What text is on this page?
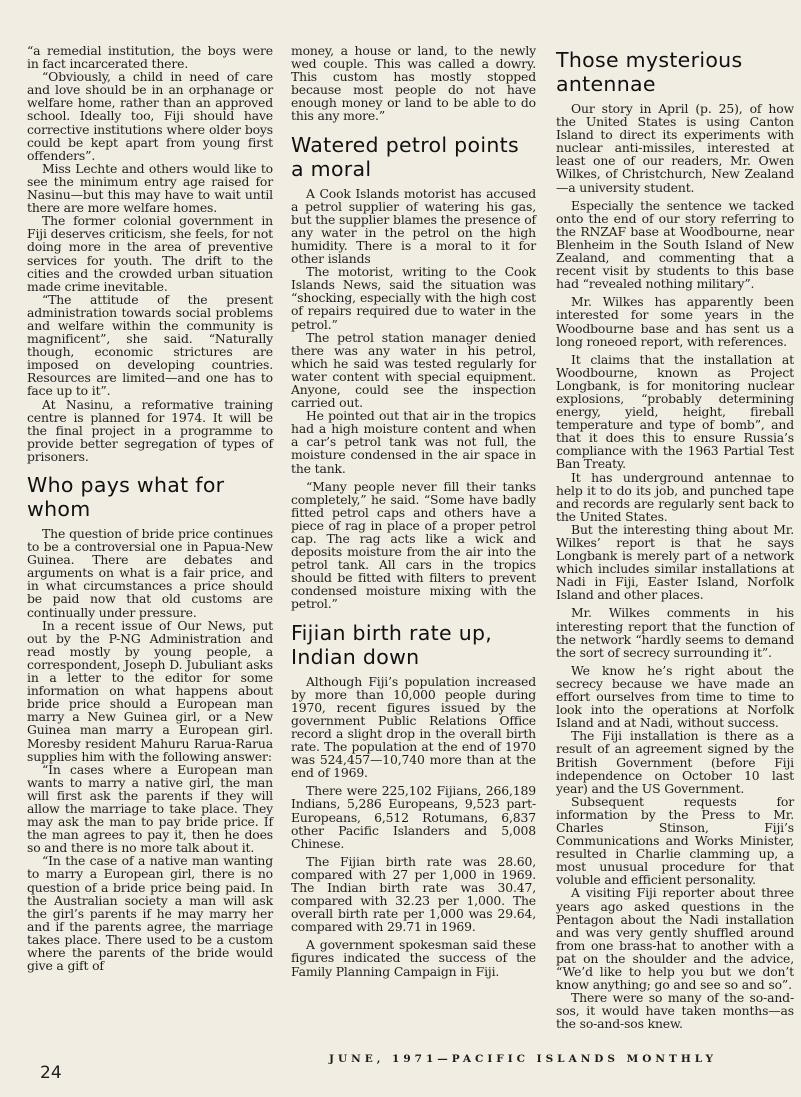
“a remedial institution, the boys were in fact incarcerated there.

“Obviously, a child in need of care and love should be in an orphanage or welfare home, rather than an approved school. Ideally too, Fiji should have corrective institutions where older boys could be kept apart from young first offenders”.

Miss Lechte and others would like to see the minimum entry age raised for Nasinu—but this may have to wait until there are more welfare homes.

The former colonial government in Fiji deserves criticism, she feels, for not doing more in the area of preventive services for youth. The drift to the cities and the crowded urban situation made crime inevitable.

“The attitude of the present administration towards social problems and welfare within the community is magnificent”, she said. “Naturally though, economic strictures are imposed on developing countries. Resources are limited—and one has to face up to it”.

At Nasinu, a reformative training centre is planned for 1974. It will be the final project in a programme to provide better segregation of types of prisoners.

Who pays what for whom

The question of bride price continues to be a controversial one in Papua-New Guinea. There are debates and arguments on what is a fair price, and in what circumstances a price should be paid now that old customs are continually under pressure.

In a recent issue of Our News, put out by the P-NG Administration and read mostly by young people, a correspondent, Joseph D. Jubuliant asks in a letter to the editor for some information on what happens about bride price should a European man marry a New Guinea girl, or a New Guinea man marry a European girl. Moresby resident Mahuru Rarua-Rarua supplies him with the following answer:

“In cases where a European man wants to marry a native girl, the man will first ask the parents if they will allow the marriage to take place. They may ask the man to pay bride price. If the man agrees to pay it, then he does so and there is no more talk about it.

“In the case of a native man wanting to marry a European girl, there is no question of a bride price being paid. In the Australian society a man will ask the girl’s parents if he may marry her and if the parents agree, the marriage takes place. There used to be a custom where the parents of the bride would give a gift of

money, a house or land, to the newly wed couple. This was called a dowry. This custom has mostly stopped because most people do not have enough money or land to be able to do this any more.”

Watered petrol points a moral

A Cook Islands motorist has accused a petrol supplier of watering his gas, but the supplier blames the presence of any water in the petrol on the high humidity. There is a moral to it for other islands

The motorist, writing to the Cook Islands News, said the situation was “shocking, especially with the high cost of repairs required due to water in the petrol.”

The petrol station manager denied there was any water in his petrol, which he said was tested regularly for water content with special equipment. Anyone, could see the inspection carried out.

He pointed out that air in the tropics had a high moisture content and when a car’s petrol tank was not full, the moisture condensed in the air space in the tank.

“Many people never fill their tanks completely,” he said. “Some have badly fitted petrol caps and others have a piece of rag in place of a proper petrol cap. The rag acts like a wick and deposits moisture from the air into the petrol tank. All cars in the tropics should be fitted with filters to prevent condensed moisture mixing with the petrol.”

Fijian birth rate up, Indian down

Although Fiji’s population increased by more than 10,000 people during 1970, recent figures issued by the government Public Relations Office record a slight drop in the overall birth rate. The population at the end of 1970 was 524,457—10,740 more than at the end of 1969.

There were 225,102 Fijians, 266,189 Indians, 5,286 Europeans, 9,523 part-Europeans, 6,512 Rotumans, 6,837 other Pacific Islanders and 5,008 Chinese.

The Fijian birth rate was 28.60, compared with 27 per 1,000 in 1969. The Indian birth rate was 30.47, compared with 32.23 per 1,000. The overall birth rate per 1,000 was 29.64, compared with 29.71 in 1969.

A government spokesman said these figures indicated the success of the Family Planning Campaign in Fiji.

Those mysterious antennae

Our story in April (p. 25), of how the United States is using Canton Island to direct its experiments with nuclear anti-missiles, interested at least one of our readers, Mr. Owen Wilkes, of Christchurch, New Zealand—a university student.

Especially the sentence we tacked onto the end of our story referring to the RNZAF base at Woodbourne, near Blenheim in the South Island of New Zealand, and commenting that a recent visit by students to this base had “revealed nothing military”.

Mr. Wilkes has apparently been interested for some years in the Woodbourne base and has sent us a long roneoed report, with references.

It claims that the installation at Woodbourne, known as Project Longbank, is for monitoring nuclear explosions, “probably determining energy, yield, height, fireball temperature and type of bomb”, and that it does this to ensure Russia’s compliance with the 1963 Partial Test Ban Treaty.

It has underground antennae to help it to do its job, and punched tape and records are regularly sent back to the United States.

But the interesting thing about Mr. Wilkes’ report is that he says Longbank is merely part of a network which includes similar installations at Nadi in Fiji, Easter Island, Norfolk Island and other places.

Mr. Wilkes comments in his interesting report that the function of the network “hardly seems to demand the sort of secrecy surrounding it”.

We know he’s right about the secrecy because we have made an effort ourselves from time to time to look into the operations at Norfolk Island and at Nadi, without success.

The Fiji installation is there as a result of an agreement signed by the British Government (before Fiji independence on October 10 last year) and the US Government.

Subsequent requests for information by the Press to Mr. Charles Stinson, Fiji’s Communications and Works Minister, resulted in Charlie clamming up, a most unusual procedure for that voluble and efficient personality.

A visiting Fiji reporter about three years ago asked questions in the Pentagon about the Nadi installation and was very gently shuffled around from one brass-hat to another with a pat on the shoulder and the advice, “We’d like to help you but we don’t know anything; go and see so and so”.

There were so many of the so-and-sos, it would have taken months—as the so-and-sos knew.

24
JUNE, 1971—PACIFIC ISLANDS MONTHLY
